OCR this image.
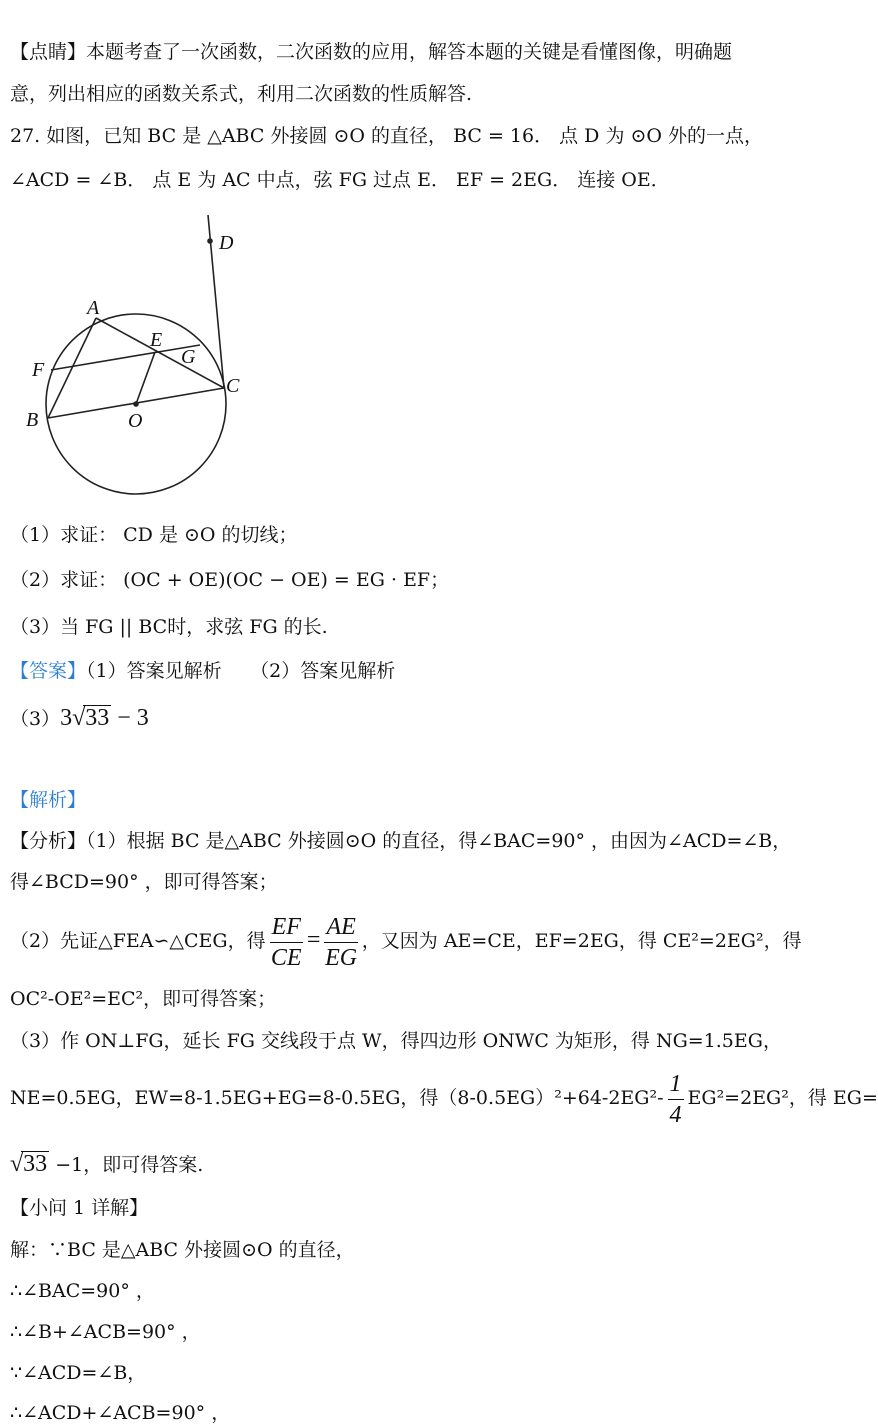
【点睛】本题考查了一次函数，二次函数的应用，解答本题的关键是看懂图像，明确题
意，列出相应的函数关系式，利用二次函数的性质解答.
27. 如图，已知 BC 是 △ABC 外接圆 ⊙O 的直径， BC = 16． 点 D 为 ⊙O 外的一点，
∠ACD = ∠B． 点 E 为 AC 中点，弦 FG 过点 E． EF = 2EG． 连接 OE．
D
A
E
G
F
C
B	O
（1）求证： CD 是 ⊙O 的切线；
（2）求证： (OC + OE)(OC − OE) = EG · EF；
（3）当 FG || BC时，求弦 FG 的长.
【答案】（1）答案见解析　　（2）答案见解析
（3）3√33 − 3
【解析】
【分析】（1）根据 BC 是△ABC 外接圆⊙O 的直径，得∠BAC=90° ，由因为∠ACD=∠B，
得∠BCD=90° ，即可得答案；
（2）先证△FEA∽△CEG，得 $\frac{EF}{CE} = \frac{AE}{EG}$ ，又因为 AE=CE，EF=2EG，得 CE²=2EG²，得
OC²-OE²=EC²，即可得答案；
（3）作 ON⊥FG，延长 FG 交线段于点 W，得四边形 ONWC 为矩形，得 NG=1.5EG，
NE=0.5EG，EW=8-1.5EG+EG=8-0.5EG，得$(8-0.5EG)^2+64-2EG^2- \frac{1}{4} EG^2=2EG^2$，得 EG=
√33 −1，即可得答案.
【小问 1 详解】
解：∵BC 是△ABC 外接圆⊙O 的直径，
∴∠BAC=90° ，
∴∠B+∠ACB=90° ，
∵∠ACD=∠B，
∴∠ACD+∠ACB=90° ，
